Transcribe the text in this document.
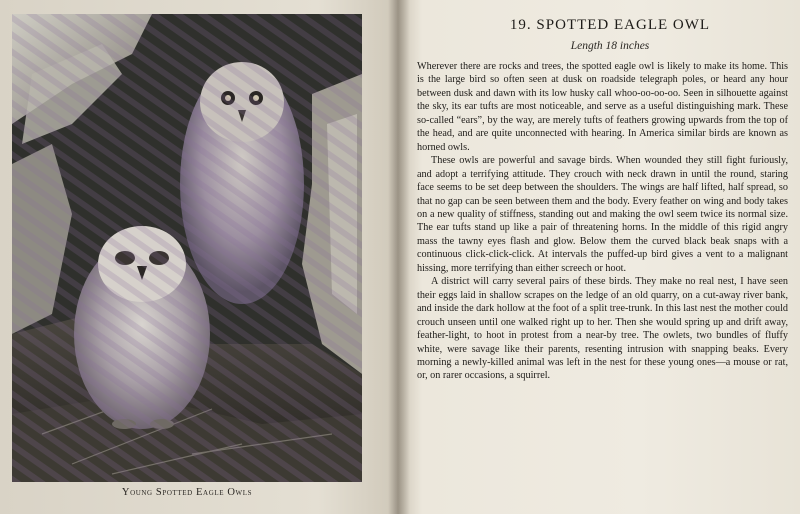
Young Spotted Eagle Owls
19. SPOTTED EAGLE OWL
Length 18 inches

Wherever there are rocks and trees, the spotted eagle owl is likely to make its home. This is the large bird so often seen at dusk on roadside telegraph poles, or heard any hour between dusk and dawn with its low husky call whoo-oo-oo-oo. Seen in silhouette against the sky, its ear tufts are most noticeable, and serve as a useful distinguishing mark. These so-called “ears”, by the way, are merely tufts of feathers growing upwards from the top of the head, and are quite unconnected with hearing. In America similar birds are known as horned owls.

These owls are powerful and savage birds. When wounded they still fight furiously, and adopt a terrifying attitude. They crouch with neck drawn in until the round, staring face seems to be set deep between the shoulders. The wings are half lifted, half spread, so that no gap can be seen between them and the body. Every feather on wing and body takes on a new quality of stiffness, standing out and making the owl seem twice its normal size. The ear tufts stand up like a pair of threatening horns. In the middle of this rigid angry mass the tawny eyes flash and glow. Below them the curved black beak snaps with a continuous click-click-click. At intervals the puffed-up bird gives a vent to a malignant hissing, more terrifying than either screech or hoot.

A district will carry several pairs of these birds. They make no real nest, I have seen their eggs laid in shallow scrapes on the ledge of an old quarry, on a cut-away river bank, and inside the dark hollow at the foot of a split tree-trunk. In this last nest the mother could crouch unseen until one walked right up to her. Then she would spring up and drift away, feather-light, to hoot in protest from a near-by tree. The owlets, two bundles of fluffy white, were savage like their parents, resenting intrusion with snapping beaks. Every morning a newly-killed animal was left in the nest for these young ones—a mouse or rat, or, on rarer occasions, a squirrel.
